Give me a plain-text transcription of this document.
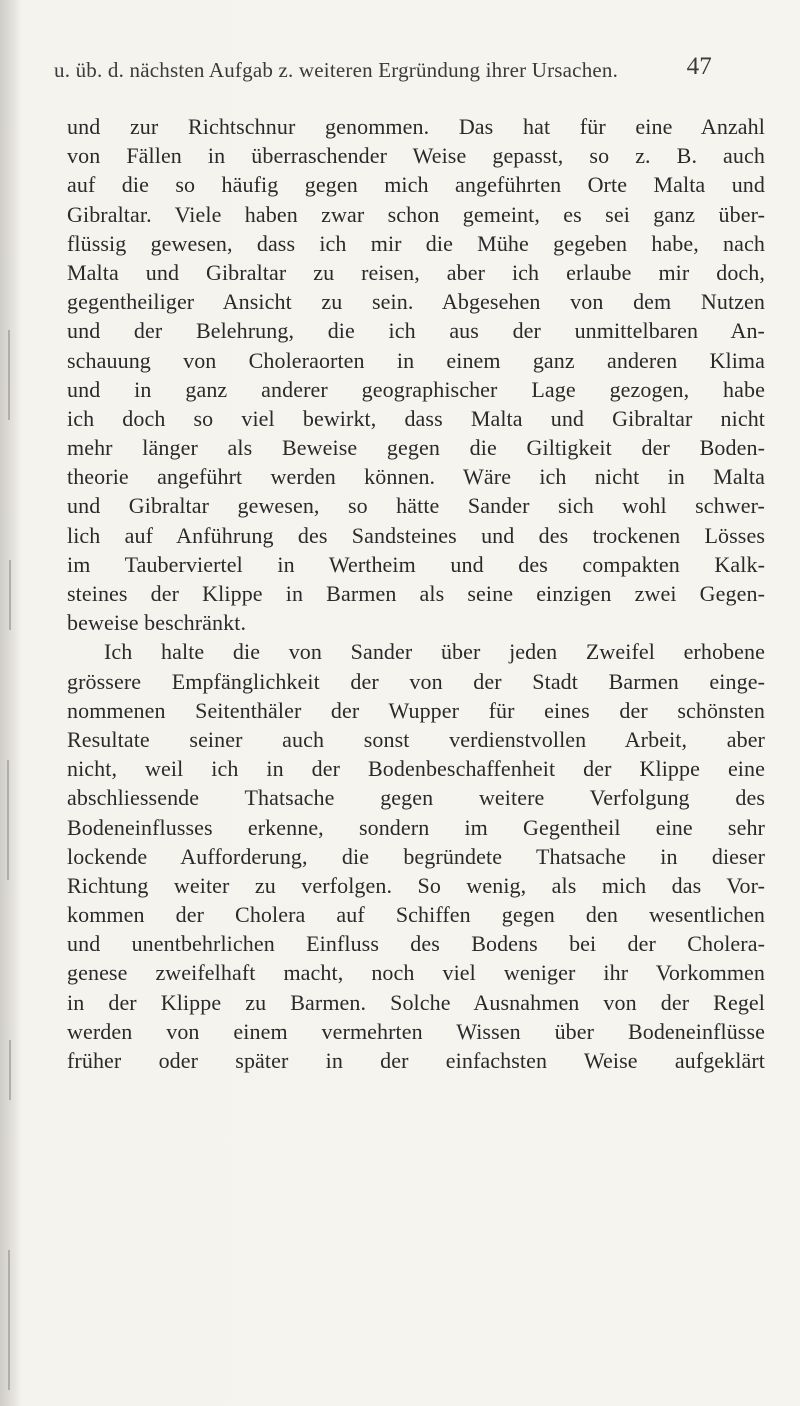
u. üb. d. nächsten Aufgab z. weiteren Ergründung ihrer Ursachen.	47
und zur Richtschnur genommen. Das hat für eine Anzahl
von Fällen in überraschender Weise gepasst, so z. B. auch
auf die so häufig gegen mich angeführten Orte Malta und
Gibraltar. Viele haben zwar schon gemeint, es sei ganz über-
flüssig gewesen, dass ich mir die Mühe gegeben habe, nach
Malta und Gibraltar zu reisen, aber ich erlaube mir doch,
gegentheiliger Ansicht zu sein. Abgesehen von dem Nutzen
und der Belehrung, die ich aus der unmittelbaren An-
schauung von Choleraorten in einem ganz anderen Klima
und in ganz anderer geographischer Lage gezogen, habe
ich doch so viel bewirkt, dass Malta und Gibraltar nicht
mehr länger als Beweise gegen die Giltigkeit der Boden-
theorie angeführt werden können. Wäre ich nicht in Malta
und Gibraltar gewesen, so hätte Sander sich wohl schwer-
lich auf Anführung des Sandsteines und des trockenen Lösses
im Tauberviertel in Wertheim und des compakten Kalk-
steines der Klippe in Barmen als seine einzigen zwei Gegen-
beweise beschränkt.
Ich halte die von Sander über jeden Zweifel erhobene
grössere Empfänglichkeit der von der Stadt Barmen einge-
nommenen Seitenthäler der Wupper für eines der schönsten
Resultate seiner auch sonst verdienstvollen Arbeit, aber
nicht, weil ich in der Bodenbeschaffenheit der Klippe eine
abschliessende Thatsache gegen weitere Verfolgung des
Bodeneinflusses erkenne, sondern im Gegentheil eine sehr
lockende Aufforderung, die begründete Thatsache in dieser
Richtung weiter zu verfolgen. So wenig, als mich das Vor-
kommen der Cholera auf Schiffen gegen den wesentlichen
und unentbehrlichen Einfluss des Bodens bei der Cholera-
genese zweifelhaft macht, noch viel weniger ihr Vorkommen
in der Klippe zu Barmen. Solche Ausnahmen von der Regel
werden von einem vermehrten Wissen über Bodeneinflüsse
früher oder später in der einfachsten Weise aufgeklärt
